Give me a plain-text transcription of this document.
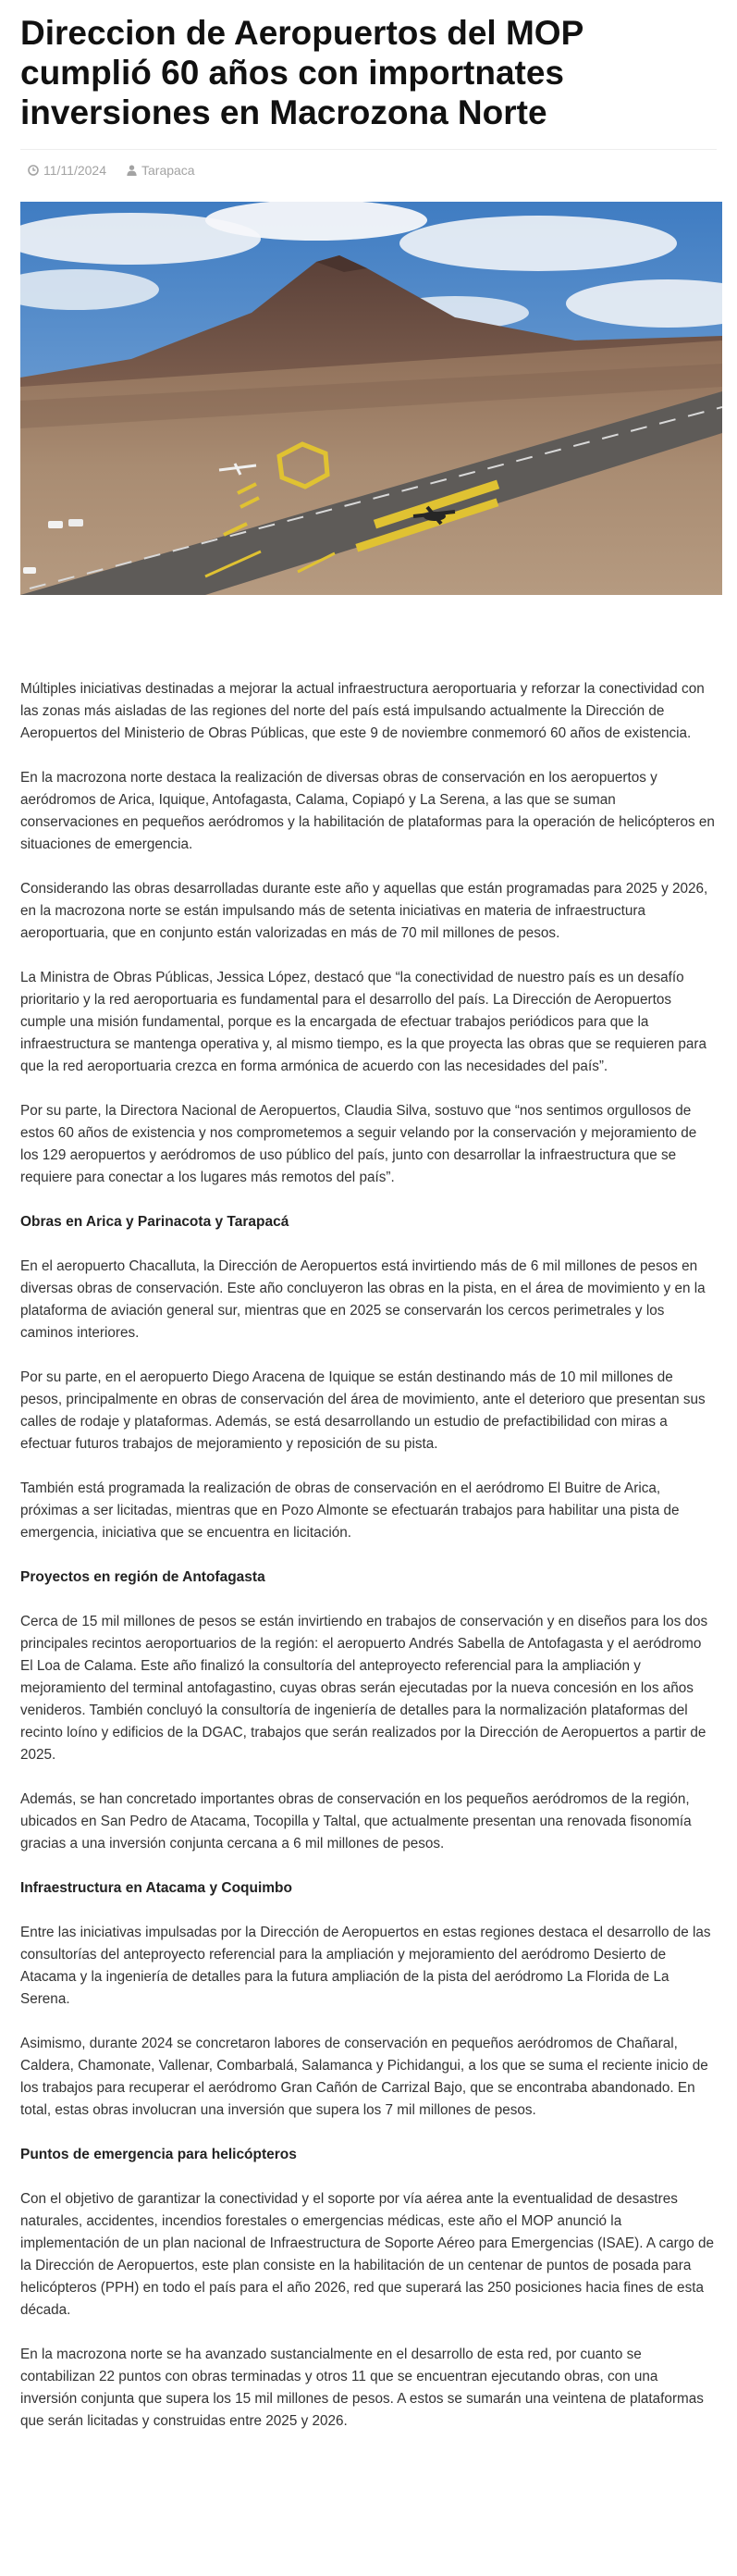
Direccion de Aeropuertos del MOP cumplió 60 años con importnates inversiones en Macrozona Norte
11/11/2024	Tarapaca

Múltiples iniciativas destinadas a mejorar la actual infraestructura aeroportuaria y reforzar la conectividad con las zonas más aisladas de las regiones del norte del país está impulsando actualmente la Dirección de Aeropuertos del Ministerio de Obras Públicas, que este 9 de noviembre conmemoró 60 años de existencia.

En la macrozona norte destaca la realización de diversas obras de conservación en los aeropuertos y aeródromos de Arica, Iquique, Antofagasta, Calama, Copiapó y La Serena, a las que se suman conservaciones en pequeños aeródromos y la habilitación de plataformas para la operación de helicópteros en situaciones de emergencia.

Considerando las obras desarrolladas durante este año y aquellas que están programadas para 2025 y 2026, en la macrozona norte se están impulsando más de setenta iniciativas en materia de infraestructura aeroportuaria, que en conjunto están valorizadas en más de 70 mil millones de pesos.

La Ministra de Obras Públicas, Jessica López, destacó que “la conectividad de nuestro país es un desafío prioritario y la red aeroportuaria es fundamental para el desarrollo del país. La Dirección de Aeropuertos cumple una misión fundamental, porque es la encargada de efectuar trabajos periódicos para que la infraestructura se mantenga operativa y, al mismo tiempo, es la que proyecta las obras que se requieren para que la red aeroportuaria crezca en forma armónica de acuerdo con las necesidades del país”.

Por su parte, la Directora Nacional de Aeropuertos, Claudia Silva, sostuvo que “nos sentimos orgullosos de estos 60 años de existencia y nos comprometemos a seguir velando por la conservación y mejoramiento de los 129 aeropuertos y aeródromos de uso público del país, junto con desarrollar la infraestructura que se requiere para conectar a los lugares más remotos del país”.

Obras en Arica y Parinacota y Tarapacá

En el aeropuerto Chacalluta, la Dirección de Aeropuertos está invirtiendo más de 6 mil millones de pesos en diversas obras de conservación. Este año concluyeron las obras en la pista, en el área de movimiento y en la plataforma de aviación general sur, mientras que en 2025 se conservarán los cercos perimetrales y los caminos interiores.

Por su parte, en el aeropuerto Diego Aracena de Iquique se están destinando más de 10 mil millones de pesos, principalmente en obras de conservación del área de movimiento, ante el deterioro que presentan sus calles de rodaje y plataformas. Además, se está desarrollando un estudio de prefactibilidad con miras a efectuar futuros trabajos de mejoramiento y reposición de su pista.

También está programada la realización de obras de conservación en el aeródromo El Buitre de Arica, próximas a ser licitadas, mientras que en Pozo Almonte se efectuarán trabajos para habilitar una pista de emergencia, iniciativa que se encuentra en licitación.

Proyectos en región de Antofagasta

Cerca de 15 mil millones de pesos se están invirtiendo en trabajos de conservación y en diseños para los dos principales recintos aeroportuarios de la región: el aeropuerto Andrés Sabella de Antofagasta y el aeródromo El Loa de Calama. Este año finalizó la consultoría del anteproyecto referencial para la ampliación y mejoramiento del terminal antofagastino, cuyas obras serán ejecutadas por la nueva concesión en los años venideros. También concluyó la consultoría de ingeniería de detalles para la normalización plataformas del recinto loíno y edificios de la DGAC, trabajos que serán realizados por la Dirección de Aeropuertos a partir de 2025.

Además, se han concretado importantes obras de conservación en los pequeños aeródromos de la región, ubicados en San Pedro de Atacama, Tocopilla y Taltal, que actualmente presentan una renovada fisonomía gracias a una inversión conjunta cercana a 6 mil millones de pesos.

Infraestructura en Atacama y Coquimbo

Entre las iniciativas impulsadas por la Dirección de Aeropuertos en estas regiones destaca el desarrollo de las consultorías del anteproyecto referencial para la ampliación y mejoramiento del aeródromo Desierto de Atacama y la ingeniería de detalles para la futura ampliación de la pista del aeródromo La Florida de La Serena.

Asimismo, durante 2024 se concretaron labores de conservación en pequeños aeródromos de Chañaral, Caldera, Chamonate, Vallenar, Combarbalá, Salamanca y Pichidangui, a los que se suma el reciente inicio de los trabajos para recuperar el aeródromo Gran Cañón de Carrizal Bajo, que se encontraba abandonado. En total, estas obras involucran una inversión que supera los 7 mil millones de pesos.

Puntos de emergencia para helicópteros

Con el objetivo de garantizar la conectividad y el soporte por vía aérea ante la eventualidad de desastres naturales, accidentes, incendios forestales o emergencias médicas, este año el MOP anunció la implementación de un plan nacional de Infraestructura de Soporte Aéreo para Emergencias (ISAE). A cargo de la Dirección de Aeropuertos, este plan consiste en la habilitación de un centenar de puntos de posada para helicópteros (PPH) en todo el país para el año 2026, red que superará las 250 posiciones hacia fines de esta década.

En la macrozona norte se ha avanzado sustancialmente en el desarrollo de esta red, por cuanto se contabilizan 22 puntos con obras terminadas y otros 11 que se encuentran ejecutando obras, con una inversión conjunta que supera los 15 mil millones de pesos. A estos se sumarán una veintena de plataformas que serán licitadas y construidas entre 2025 y 2026.
